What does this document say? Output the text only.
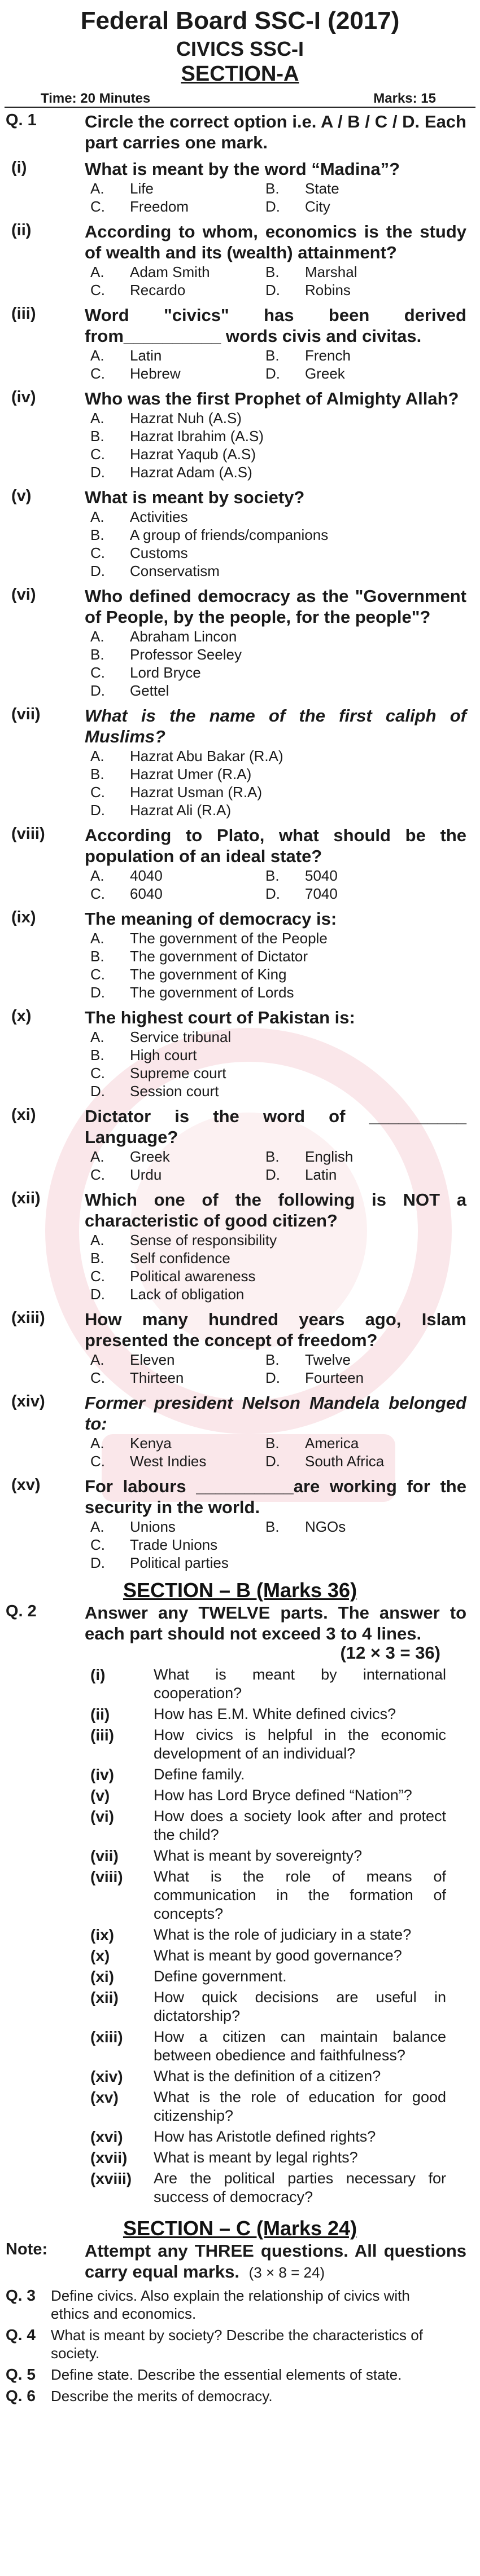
Federal Board SSC-I (2017)
CIVICS SSC-I
SECTION-A
Time: 20 Minutes	Marks: 15
Q. 1	Circle the correct option i.e. A / B / C / D. Each part carries one mark.
(i)	What is meant by the word “Madina”?
A.	Life	B.	State
C.	Freedom	D.	City
(ii)	According to whom, economics is the study of wealth and its (wealth) attainment?
A.	Adam Smith	B.	Marshal
C.	Recardo	D.	Robins
(iii)	Word "civics" has been derived from__________ words civis and civitas.
A.	Latin	B.	French
C.	Hebrew	D.	Greek
(iv)	Who was the first Prophet of Almighty Allah?
A. Hazrat Nuh (A.S)
B. Hazrat Ibrahim (A.S)
C. Hazrat Yaqub (A.S)
D. Hazrat Adam (A.S)
(v)	What is meant by society?
A. Activities
B. A group of friends/companions
C. Customs
D. Conservatism
(vi)	Who defined democracy as the "Government of People, by the people, for the people"?
A. Abraham Lincon
B. Professor Seeley
C. Lord Bryce
D. Gettel
(vii)	What is the name of the first caliph of Muslims?
A. Hazrat Abu Bakar (R.A)
B. Hazrat Umer (R.A)
C. Hazrat Usman (R.A)
D. Hazrat Ali (R.A)
(viii) According to Plato, what should be the population of an ideal state?
A.	4040	B.	5040
C.	6040	D.	7040
(ix)	The meaning of democracy is:
A. The government of the People
B. The government of Dictator
C. The government of King
D. The government of Lords
(x)	The highest court of Pakistan is:
A. Service tribunal
B. High court
C. Supreme court
D. Session court
(xi)	Dictator is the word of __________ Language?
A.	Greek	B.	English
C.	Urdu	D.	Latin
(xii)	Which one of the following is NOT a characteristic of good citizen?
A. Sense of responsibility
B. Self confidence
C. Political awareness
D. Lack of obligation
(xiii) How many hundred years ago, Islam presented the concept of freedom?
A.	Eleven	B.	Twelve
C.	Thirteen	D.	Fourteen
(xiv) Former president Nelson Mandela belonged to:
A.	Kenya	B.	America
C.	West Indies	D.	South Africa
(xv)	For labours __________are working for the security in the world.
A.	Unions	B.	NGOs
C. Trade Unions
D. Political parties
SECTION – B (Marks 36)
Q. 2	Answer any TWELVE parts. The answer to each part should not exceed 3 to 4 lines.
(12 × 3 = 36)
(i)	What is meant by international cooperation?
(ii)	How has E.M. White defined civics?
(iii)	How civics is helpful in the economic development of an individual?
(iv)	Define family.
(v)	How has Lord Bryce defined “Nation”?
(vi)	How does a society look after and protect the child?
(vii)	What is meant by sovereignty?
(viii)	What is the role of means of communication in the formation of concepts?
(ix)	What is the role of judiciary in a state?
(x)	What is meant by good governance?
(xi)	Define government.
(xii)	How quick decisions are useful in dictatorship?
(xiii)	How a citizen can maintain balance between obedience and faithfulness?
(xiv)	What is the definition of a citizen?
(xv)	What is the role of education for good citizenship?
(xvi)	How has Aristotle defined rights?
(xvii)	What is meant by legal rights?
(xviii)	Are the political parties necessary for success of democracy?
SECTION – C (Marks 24)
Note: Attempt any THREE questions. All questions carry equal marks. (3 × 8 = 24)
Q. 3	Define civics. Also explain the relationship of civics with ethics and economics.
Q. 4	What is meant by society? Describe the characteristics of society.
Q. 5	Define state. Describe the essential elements of state.
Q. 6	Describe the merits of democracy.
